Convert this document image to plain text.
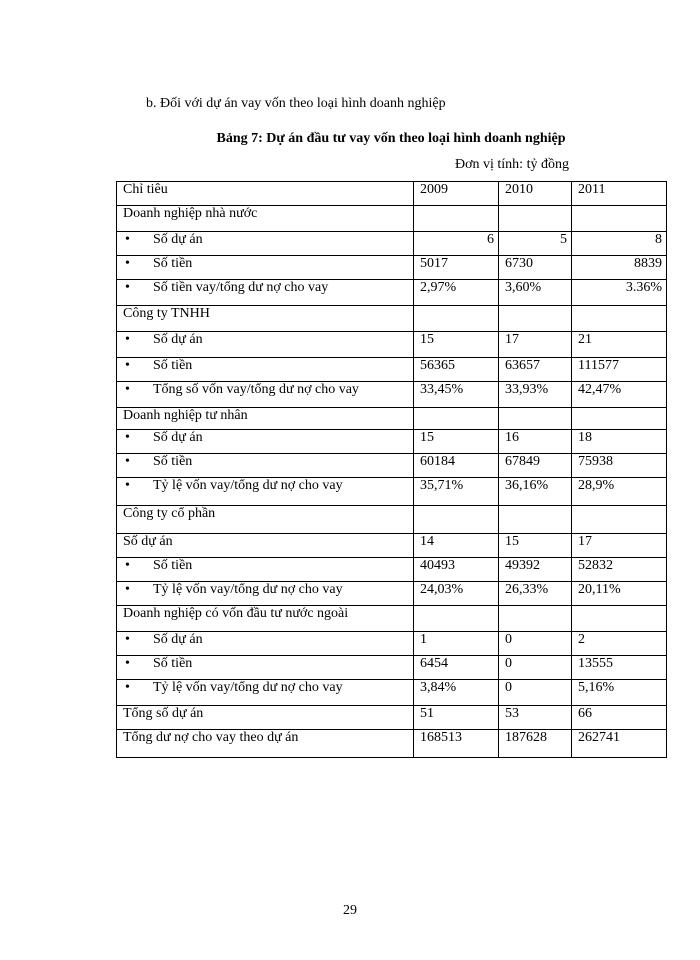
b. Đối với dự án vay vốn theo loại hình doanh nghiệp
Bảng 7: Dự án đầu tư vay vốn theo loại hình doanh nghiệp
Đơn vị tính: tỷ đồng
Chỉ tiêu	2009	2010	2011
Doanh nghiệp nhà nước			
• Số dự án	6	5	8
• Số tiền	5017	6730	8839
• Số tiền vay/tổng dư nợ cho vay	2,97%	3,60%	3.36%
Công ty TNHH			
• Số dự án	15	17	21
• Số tiền	56365	63657	111577
• Tổng số vốn vay/tổng dư nợ cho vay	33,45%	33,93%	42,47%
Doanh nghiệp tư nhân			
• Số dự án	15	16	18
• Số tiền	60184	67849	75938
• Tỷ lệ vốn vay/tổng dư nợ cho vay	35,71%	36,16%	28,9%
Công ty cổ phần			
Số dự án	14	15	17
• Số tiền	40493	49392	52832
• Tỷ lệ vốn vay/tổng dư nợ cho vay	24,03%	26,33%	20,11%
Doanh nghiệp có vốn đầu tư nước ngoài			
• Số dự án	1	0	2
• Số tiền	6454	0	13555
• Tỷ lệ vốn vay/tổng dư nợ cho vay	3,84%	0	5,16%
Tổng số dự án	51	53	66
Tổng dư nợ cho vay theo dự án	168513	187628	262741
29
